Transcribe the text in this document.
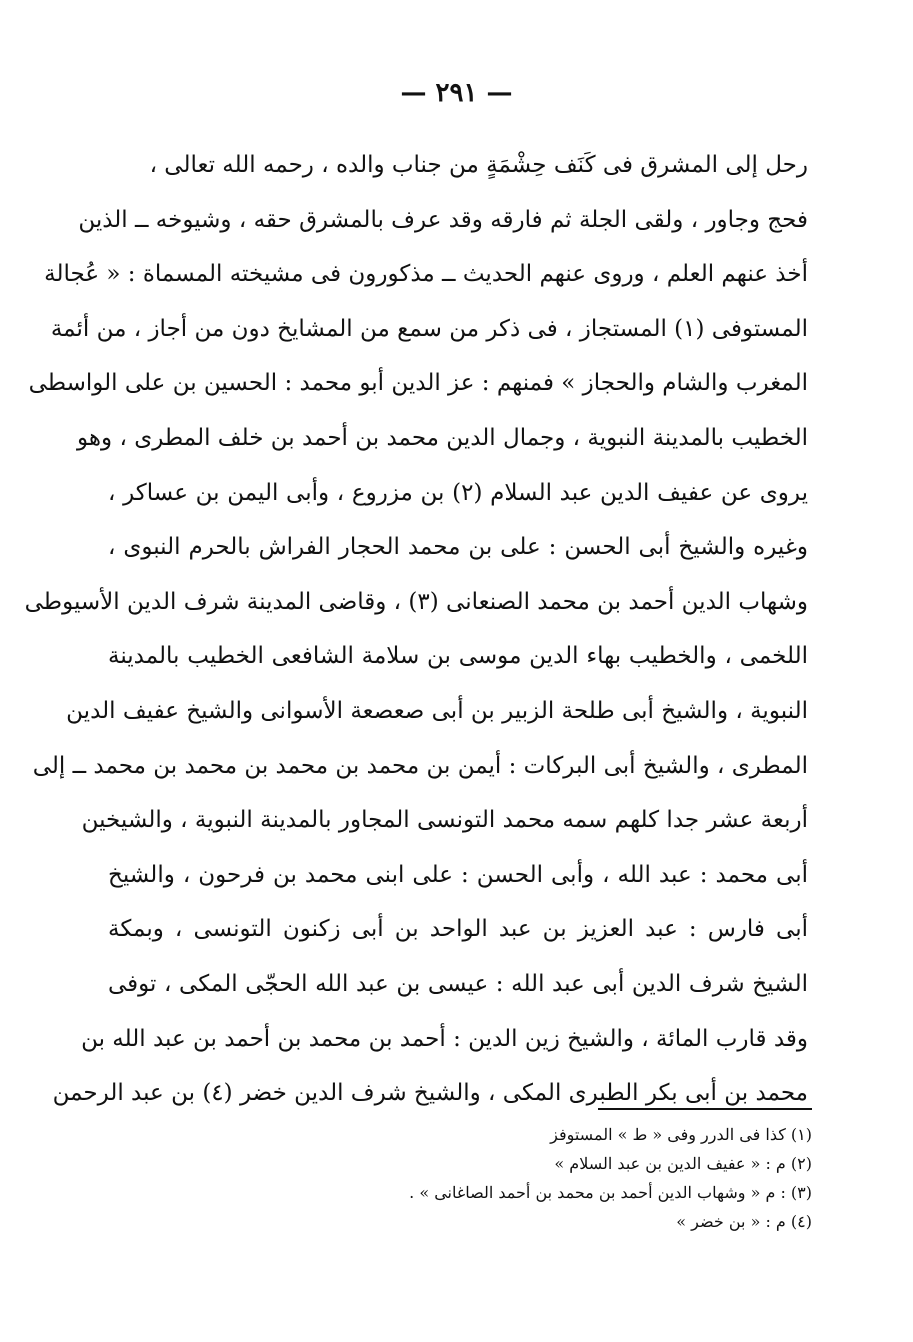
— ٢٩١ —
رحل إلى المشرق فى كَنَف حِشْمَةٍ من جناب والده ، رحمه الله تعالى ،
فحج وجاور ، ولقى الجلة ثم فارقه وقد عرف بالمشرق حقه ، وشيوخه ــ الذين
أخذ عنهم العلم ، وروى عنهم الحديث ــ مذكورون فى مشيخته المسماة : « عُجالة
المستوفى (١) المستجاز ، فى ذكر من سمع من المشايخ دون من أجاز ، من أئمة
المغرب والشام والحجاز » فمنهم : عز الدين أبو محمد : الحسين بن على الواسطى
الخطيب بالمدينة النبوية ، وجمال الدين محمد بن أحمد بن خلف المطرى ، وهو
يروى عن عفيف الدين عبد السلام (٢) بن مزروع ، وأبى اليمن بن عساكر ،
وغيره والشيخ أبى الحسن : على بن محمد الحجار الفراش بالحرم النبوى ،
وشهاب الدين أحمد بن محمد الصنعانى (٣) ، وقاضى المدينة شرف الدين الأسيوطى
اللخمى ، والخطيب بهاء الدين موسى بن سلامة الشافعى الخطيب بالمدينة
النبوية ، والشيخ أبى طلحة الزبير بن أبى صعصعة الأسوانى والشيخ عفيف الدين
المطرى ، والشيخ أبى البركات : أيمن بن محمد بن محمد بن محمد بن محمد ــ إلى
أربعة عشر جدا كلهم سمه محمد التونسى المجاور بالمدينة النبوية ، والشيخين
أبى محمد : عبد الله ، وأبى الحسن : على ابنى محمد بن فرحون ، والشيخ
أبى فارس : عبد العزيز بن عبد الواحد بن أبى زكنون التونسى ، وبمكة
الشيخ شرف الدين أبى عبد الله : عيسى بن عبد الله الحجّى المكى ، توفى
وقد قارب المائة ، والشيخ زين الدين : أحمد بن محمد بن أحمد بن عبد الله بن
محمد بن أبى بكر الطبرى المكى ، والشيخ شرف الدين خضر (٤) بن عبد الرحمن
(١) كذا فى الدرر وفى « ط » المستوفز
(٢) م : « عفيف الدين بن عبد السلام »
(٣) : م « وشهاب الدين أحمد بن محمد بن أحمد الصاغانى » .
(٤) م : « بن خضر »
